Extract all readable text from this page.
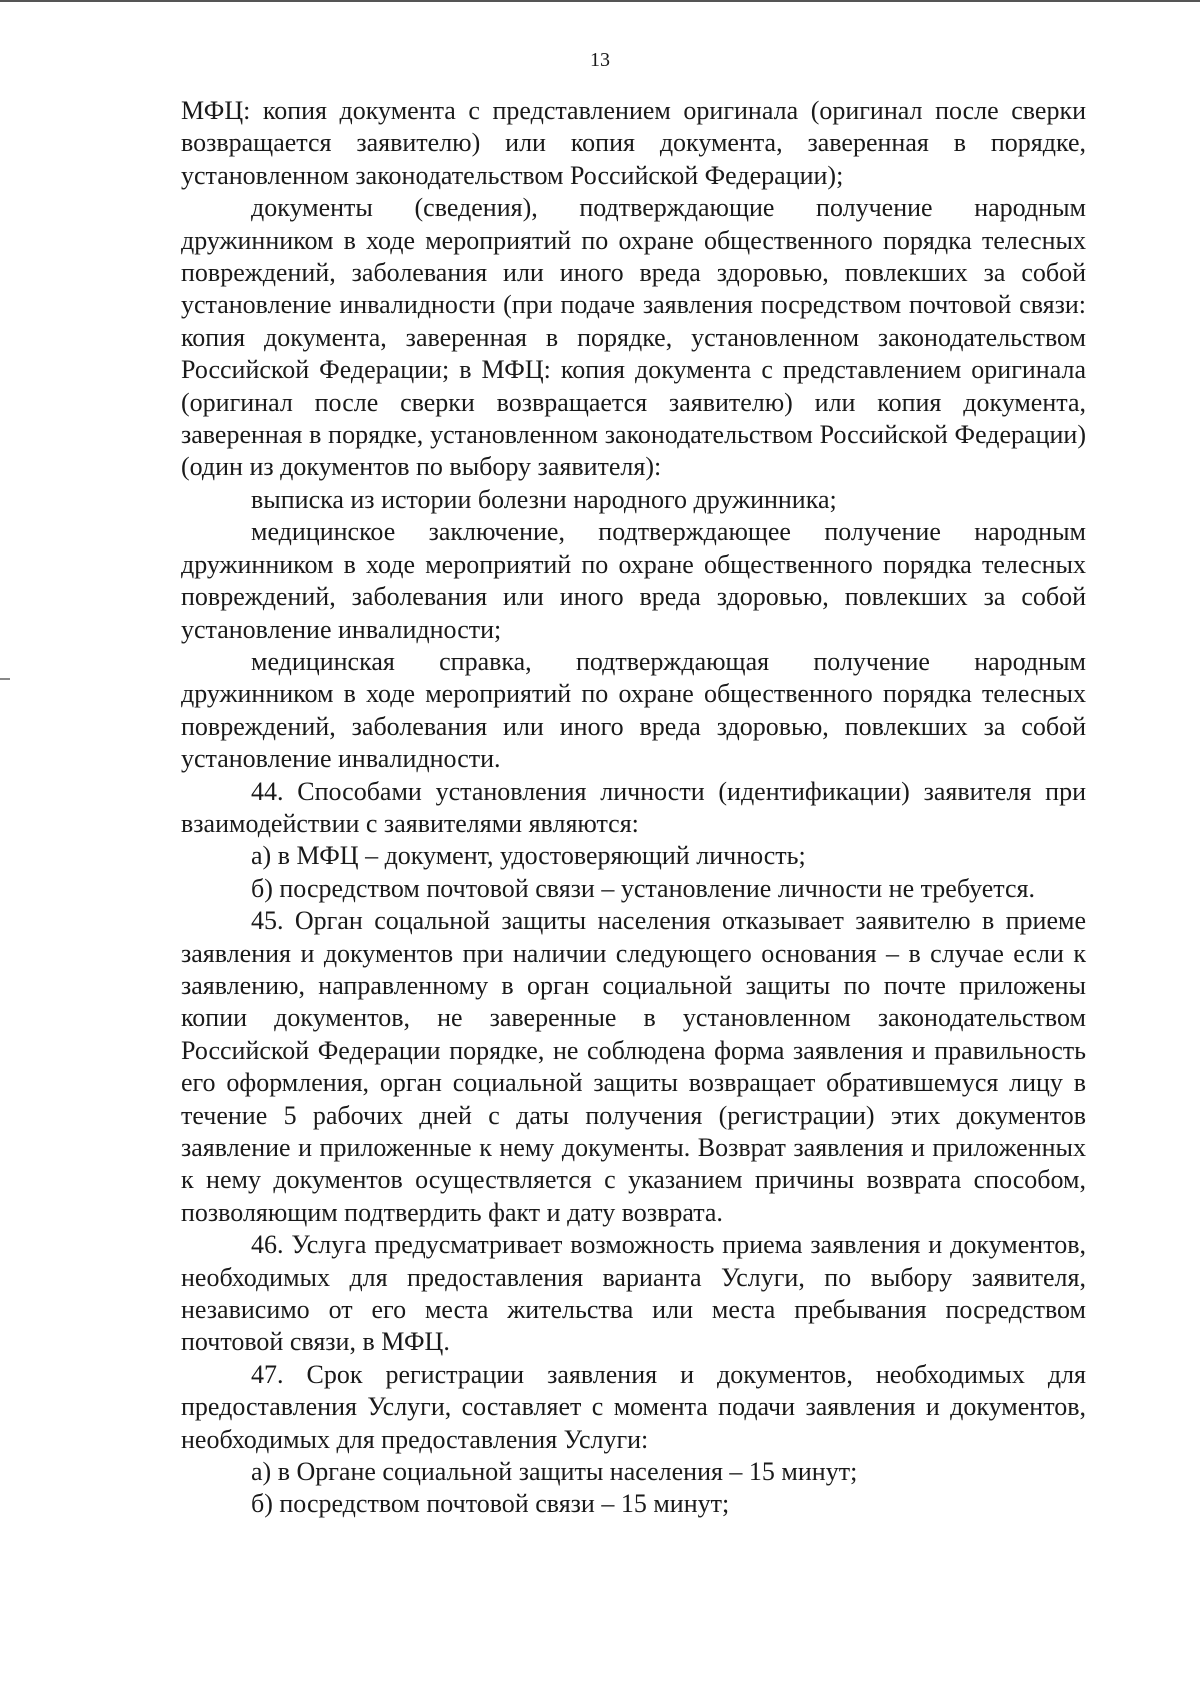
13

МФЦ: копия документа с представлением оригинала (оригинал после сверки возвращается заявителю) или копия документа, заверенная в порядке, установленном законодательством Российской Федерации);

документы (сведения), подтверждающие получение народным дружинником в ходе мероприятий по охране общественного порядка телесных повреждений, заболевания или иного вреда здоровью, повлекших за собой установление инвалидности (при подаче заявления посредством почтовой связи: копия документа, заверенная в порядке, установленном законодательством Российской Федерации; в МФЦ: копия документа с представлением оригинала (оригинал после сверки возвращается заявителю) или копия документа, заверенная в порядке, установленном законодательством Российской Федерации) (один из документов по выбору заявителя):

выписка из истории болезни народного дружинника;

медицинское заключение, подтверждающее получение народным дружинником в ходе мероприятий по охране общественного порядка телесных повреждений, заболевания или иного вреда здоровью, повлекших за собой установление инвалидности;

медицинская справка, подтверждающая получение народным дружинником в ходе мероприятий по охране общественного порядка телесных повреждений, заболевания или иного вреда здоровью, повлекших за собой установление инвалидности.

44. Способами установления личности (идентификации) заявителя при взаимодействии с заявителями являются:

а) в МФЦ – документ, удостоверяющий личность;

б) посредством почтовой связи – установление личности не требуется.

45. Орган соцальной защиты населения отказывает заявителю в приеме заявления и документов при наличии следующего основания – в случае если к заявлению, направленному в орган социальной защиты по почте приложены копии документов, не заверенные в установленном законодательством Российской Федерации порядке, не соблюдена форма заявления и правильность его оформления, орган социальной защиты возвращает обратившемуся лицу в течение 5 рабочих дней с даты получения (регистрации) этих документов заявление и приложенные к нему документы. Возврат заявления и приложенных к нему документов осуществляется с указанием причины возврата способом, позволяющим подтвердить факт и дату возврата.

46. Услуга предусматривает возможность приема заявления и документов, необходимых для предоставления варианта Услуги, по выбору заявителя, независимо от его места жительства или места пребывания посредством почтовой связи, в МФЦ.

47. Срок регистрации заявления и документов, необходимых для предоставления Услуги, составляет с момента подачи заявления и документов, необходимых для предоставления Услуги:

а) в Органе социальной защиты населения – 15 минут;

б) посредством почтовой связи – 15 минут;
